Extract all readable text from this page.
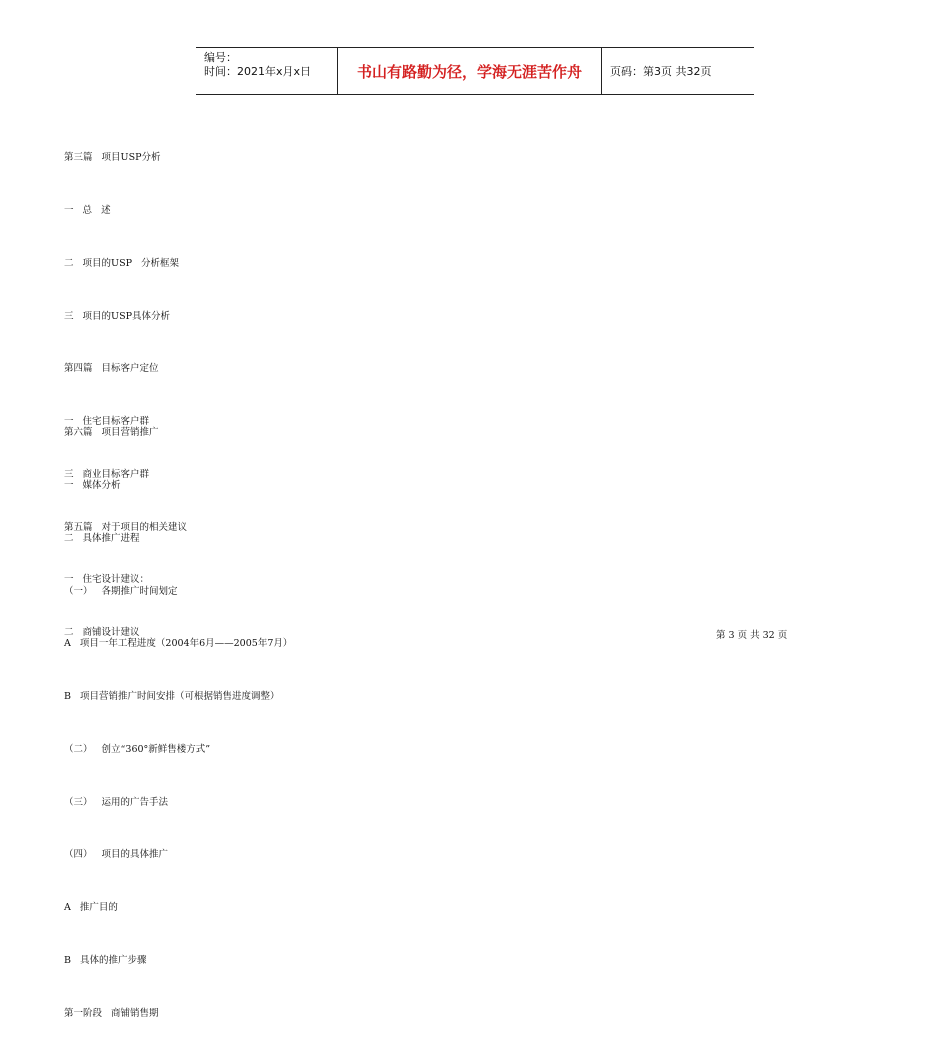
编号：
时间：2021年x月x日	书山有路勤为径，学海无涯苦作舟	页码：第3页 共32页

第三篇   项目USP分析

一   总   述

二   项目的USP   分析框架

三   项目的USP具体分析

第四篇   目标客户定位

一   住宅目标客户群

三   商业目标客户群

第五篇   对于项目的相关建议

一   住宅设计建议：

二   商铺设计建议

第六篇   项目营销推广

一   媒体分析

二   具体推广进程

（一）   各期推广时间划定

A   项目一年工程进度（2004年6月——2005年7月）

B   项目营销推广时间安排（可根据销售进度调整）

（二）   创立“360°新鲜售楼方式”

（三）   运用的广告手法

（四）   项目的具体推广

A   推广目的

B   具体的推广步骤

第一阶段   商铺销售期

第 3 页 共 32 页
